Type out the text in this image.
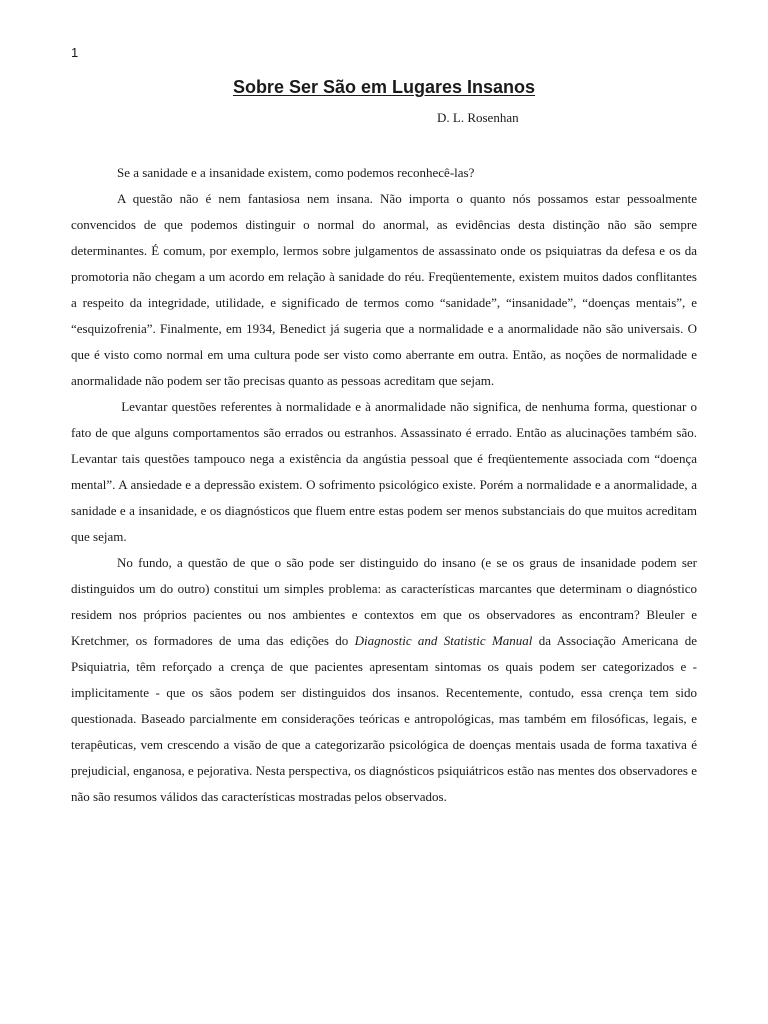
1
Sobre Ser São em Lugares Insanos
D. L. Rosenhan

Se a sanidade e a insanidade existem, como podemos reconhecê-las?

A questão não é nem fantasiosa nem insana. Não importa o quanto nós possamos estar pessoalmente convencidos de que podemos distinguir o normal do anormal, as evidências desta distinção não são sempre determinantes. É comum, por exemplo, lermos sobre julgamentos de assassinato onde os psiquiatras da defesa e os da promotoria não chegam a um acordo em relação à sanidade do réu. Freqüentemente, existem muitos dados conflitantes a respeito da integridade, utilidade, e significado de termos como “sanidade”, “insanidade”, “doenças mentais”, e “esquizofrenia”. Finalmente, em 1934, Benedict já sugeria que a normalidade e a anormalidade não são universais. O que é visto como normal em uma cultura pode ser visto como aberrante em outra. Então, as noções de normalidade e anormalidade não podem ser tão precisas quanto as pessoas acreditam que sejam.

Levantar questões referentes à normalidade e à anormalidade não significa, de nenhuma forma, questionar o fato de que alguns comportamentos são errados ou estranhos. Assassinato é errado. Então as alucinações também são. Levantar tais questões tampouco nega a existência da angústia pessoal que é freqüentemente associada com “doença mental”. A ansiedade e a depressão existem. O sofrimento psicológico existe. Porém a normalidade e a anormalidade, a sanidade e a insanidade, e os diagnósticos que fluem entre estas podem ser menos substanciais do que muitos acreditam que sejam.

No fundo, a questão de que o são pode ser distinguido do insano (e se os graus de insanidade podem ser distinguidos um do outro) constitui um simples problema: as características marcantes que determinam o diagnóstico residem nos próprios pacientes ou nos ambientes e contextos em que os observadores as encontram? Bleuler e Kretchmer, os formadores de uma das edições do Diagnostic and Statistic Manual da Associação Americana de Psiquiatria, têm reforçado a crença de que pacientes apresentam sintomas os quais podem ser categorizados e - implicitamente - que os sãos podem ser distinguidos dos insanos. Recentemente, contudo, essa crença tem sido questionada. Baseado parcialmente em considerações teóricas e antropológicas, mas também em filosóficas, legais, e terapêuticas, vem crescendo a visão de que a categorizarão psicológica de doenças mentais usada de forma taxativa é prejudicial, enganosa, e pejorativa. Nesta perspectiva, os diagnósticos psiquiátricos estão nas mentes dos observadores e não são resumos válidos das características mostradas pelos observados.
